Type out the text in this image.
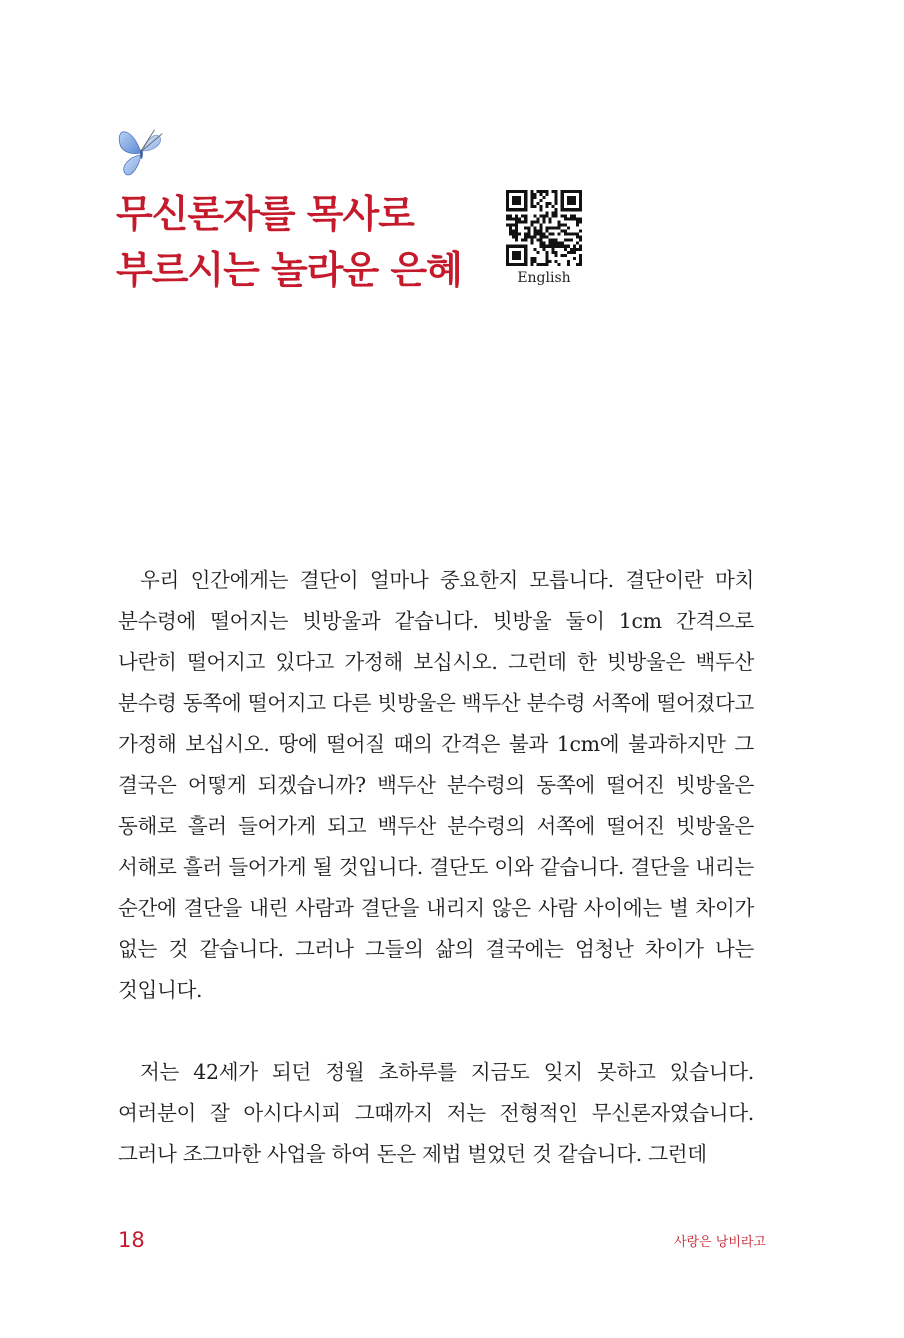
무신론자를 목사로
부르시는 놀라운 은혜	English

우리 인간에게는 결단이 얼마나 중요한지 모릅니다. 결단이란 마치 분수령에 떨어지는 빗방울과 같습니다. 빗방울 둘이 1cm 간격으로 나란히 떨어지고 있다고 가정해 보십시오. 그런데 한 빗방울은 백두산 분수령 동쪽에 떨어지고 다른 빗방울은 백두산 분수령 서쪽에 떨어졌다고 가정해 보십시오. 땅에 떨어질 때의 간격은 불과 1cm에 불과하지만 그 결국은 어떻게 되겠습니까? 백두산 분수령의 동쪽에 떨어진 빗방울은 동해로 흘러 들어가게 되고 백두산 분수령의 서쪽에 떨어진 빗방울은 서해로 흘러 들어가게 될 것입니다. 결단도 이와 같습니다. 결단을 내리는 순간에 결단을 내린 사람과 결단을 내리지 않은 사람 사이에는 별 차이가 없는 것 같습니다. 그러나 그들의 삶의 결국에는 엄청난 차이가 나는 것입니다.

저는 42세가 되던 정월 초하루를 지금도 잊지 못하고 있습니다. 여러분이 잘 아시다시피 그때까지 저는 전형적인 무신론자였습니다. 그러나 조그마한 사업을 하여 돈은 제법 벌었던 것 같습니다. 그런데

18	사랑은 낭비라고
